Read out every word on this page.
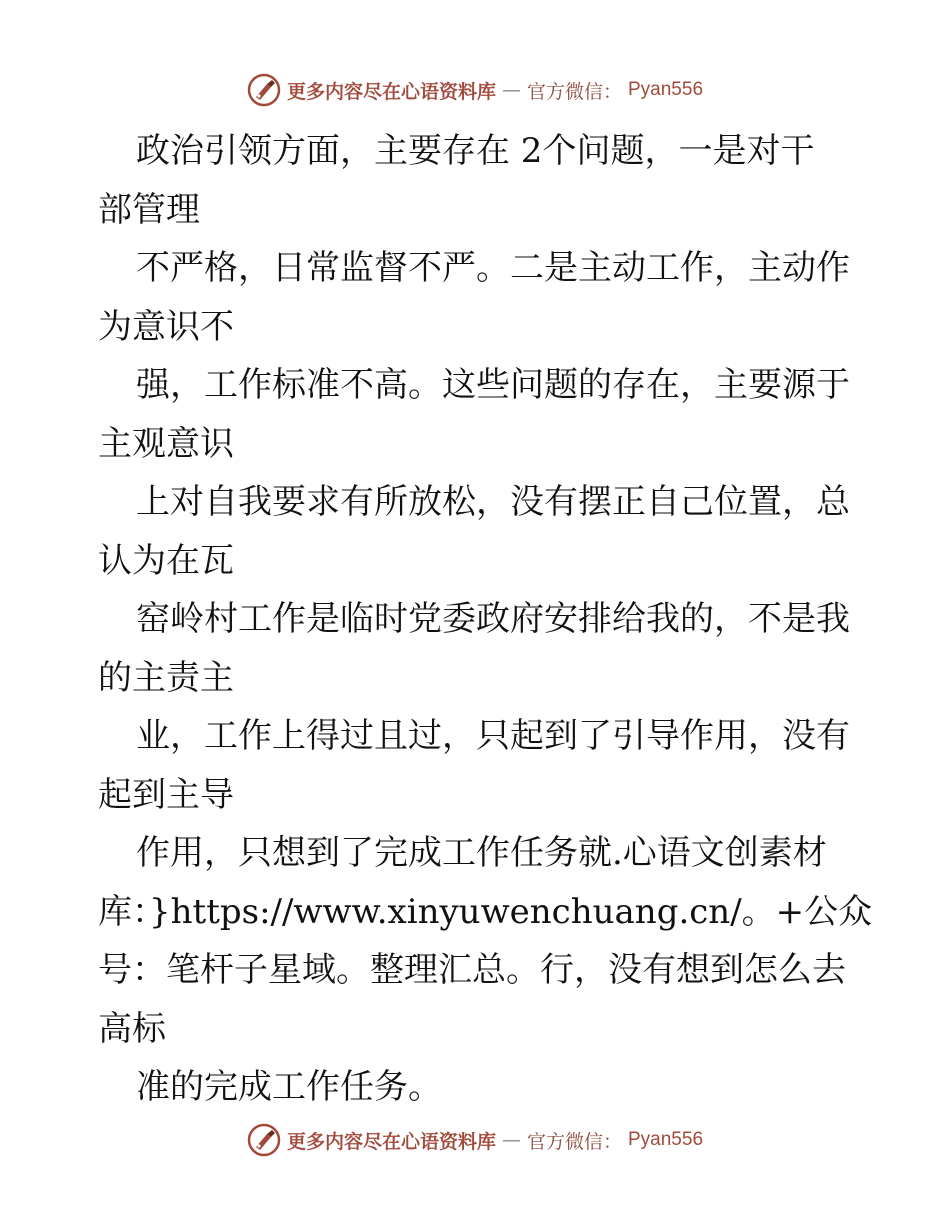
更多内容尽在心语资料库 — 官方微信： Pyan556
政治引领方面，主要存在 2个问题，一是对干
部管理
不严格，日常监督不严。二是主动工作，主动作
为意识不
强，工作标准不高。这些问题的存在，主要源于
主观意识
上对自我要求有所放松，没有摆正自己位置，总
认为在瓦
窑岭村工作是临时党委政府安排给我的，不是我
的主责主
业，工作上得过且过，只起到了引导作用，没有
起到主导
作用，只想到了完成工作任务就.心语文创素材
库：}https://www.xinyuwenchuang.cn/。+公众
号：笔杆子星域。整理汇总。行，没有想到怎么去
高标
准的完成工作任务。
更多内容尽在心语资料库 — 官方微信： Pyan556
